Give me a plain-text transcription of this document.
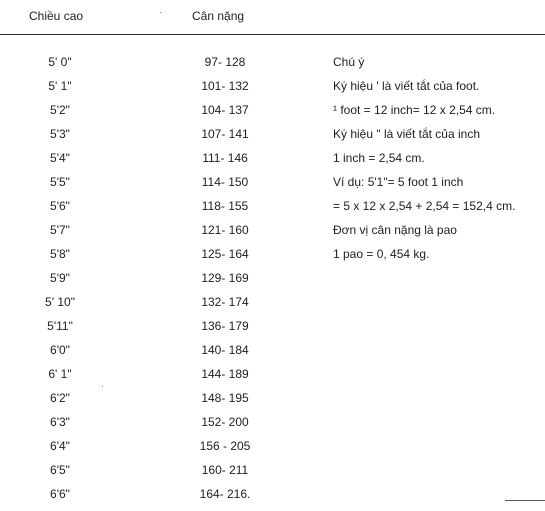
Chiều cao	Cân nặng
5' 0"	97- 128
5' 1"	101- 132
5'2"	104- 137
5'3"	107- 141
5'4"	111- 146
5'5"	114- 150
5'6"	118- 155
5'7"	121- 160
5'8"	125- 164
5'9"	129- 169
5' 10"	132- 174
5'11"	136- 179
6'0"	140- 184
6' 1"	144- 189
6'2"	148- 195
6'3"	152- 200
6'4"	156 - 205
6'5"	160- 211
6'6"	164- 216.
Chú ý
Ký hiệu ' là viết tắt của foot.
¹ foot = 12 inch= 12 x 2,54 cm.
Ký hiệu " là viết tắt của inch
1 inch = 2,54 cm.
Ví dụ: 5'1"= 5 foot 1 inch
= 5 x 12 x 2,54 + 2,54 = 152,4 cm.
Đơn vị cân nặng là pao
1 pao = 0, 454 kg.
